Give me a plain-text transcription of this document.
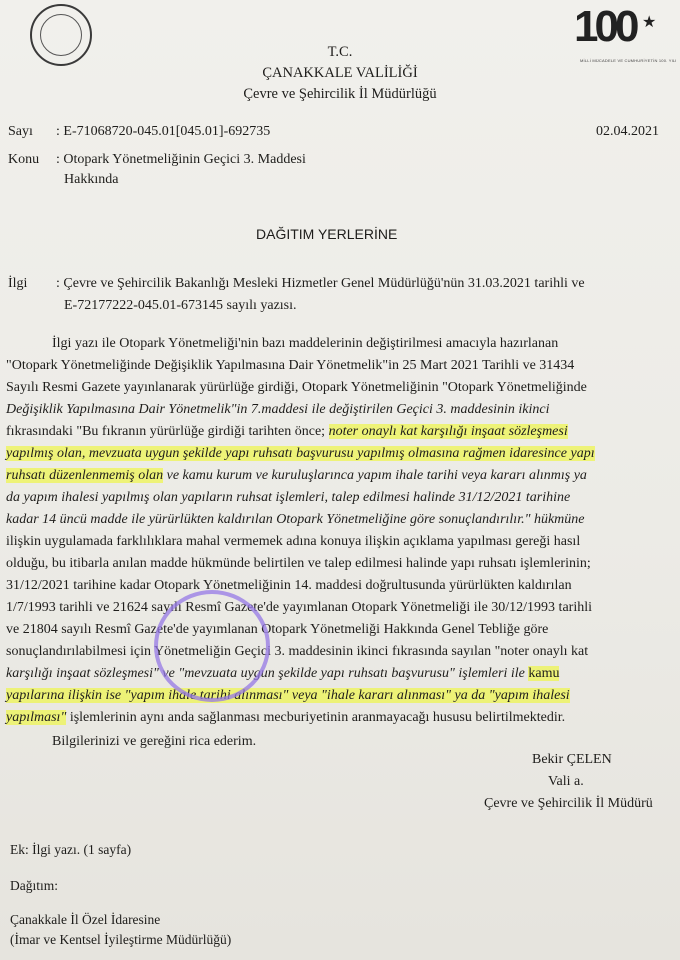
100 ★
MİLLİ MÜCADELE VE CUMHURİYETİN 100. YILI
T.C.
ÇANAKKALE VALİLİĞİ
Çevre ve Şehircilik İl Müdürlüğü
Sayı : E-71068720-045.01[045.01]-692735	02.04.2021
Konu : Otopark Yönetmeliğinin Geçici 3. Maddesi
Hakkında
DAĞITIM YERLERİNE
İlgi : Çevre ve Şehircilik Bakanlığı Mesleki Hizmetler Genel Müdürlüğü'nün 31.03.2021 tarihli ve
E-72177222-045.01-673145 sayılı yazısı.
İlgi yazı ile Otopark Yönetmeliği'nin bazı maddelerinin değiştirilmesi amacıyla hazırlanan
"Otopark Yönetmeliğinde Değişiklik Yapılmasına Dair Yönetmelik"in 25 Mart 2021 Tarihli ve 31434
Sayılı Resmi Gazete yayınlanarak yürürlüğe girdiği, Otopark Yönetmeliğinin "Otopark Yönetmeliğinde
Değişiklik Yapılmasına Dair Yönetmelik"in 7.maddesi ile değiştirilen Geçici 3. maddesinin ikinci
fıkrasındaki "Bu fıkranın yürürlüğe girdiği tarihten önce; noter onaylı kat karşılığı inşaat sözleşmesi
yapılmış olan, mevzuata uygun şekilde yapı ruhsatı başvurusu yapılmış olmasına rağmen idaresince yapı
ruhsatı düzenlenmemiş olan ve kamu kurum ve kuruluşlarınca yapım ihale tarihi veya kararı alınmış ya
da yapım ihalesi yapılmış olan yapıların ruhsat işlemleri, talep edilmesi halinde 31/12/2021 tarihine
kadar 14 üncü madde ile yürürlükten kaldırılan Otopark Yönetmeliğine göre sonuçlandırılır." hükmüne
ilişkin uygulamada farklılıklara mahal vermemek adına konuya ilişkin açıklama yapılması gereği hasıl
olduğu, bu itibarla anılan madde hükmünde belirtilen ve talep edilmesi halinde yapı ruhsatı işlemlerinin;
31/12/2021 tarihine kadar Otopark Yönetmeliğinin 14. maddesi doğrultusunda yürürlükten kaldırılan
1/7/1993 tarihli ve 21624 sayılı Resmî Gazete'de yayımlanan Otopark Yönetmeliği ile 30/12/1993 tarihli
ve 21804 sayılı Resmî Gazete'de yayımlanan Otopark Yönetmeliği Hakkında Genel Tebliğe göre
sonuçlandırılabilmesi için Yönetmeliğin Geçici 3. maddesinin ikinci fıkrasında sayılan "noter onaylı kat
karşılığı inşaat sözleşmesi" ve "mevzuata uygun şekilde yapı ruhsatı başvurusu" işlemleri ile kamu
yapılarına ilişkin ise "yapım ihale tarihi alınması" veya "ihale kararı alınması" ya da "yapım ihalesi
yapılması" işlemlerinin aynı anda sağlanması mecburiyetinin aranmayacağı hususu belirtilmektedir.
Bilgilerinizi ve gereğini rica ederim.
Bekir ÇELEN
Vali a.
Çevre ve Şehircilik İl Müdürü
Ek: İlgi yazı. (1 sayfa)
Dağıtım:
Çanakkale İl Özel İdaresine
(İmar ve Kentsel İyileştirme Müdürlüğü)
